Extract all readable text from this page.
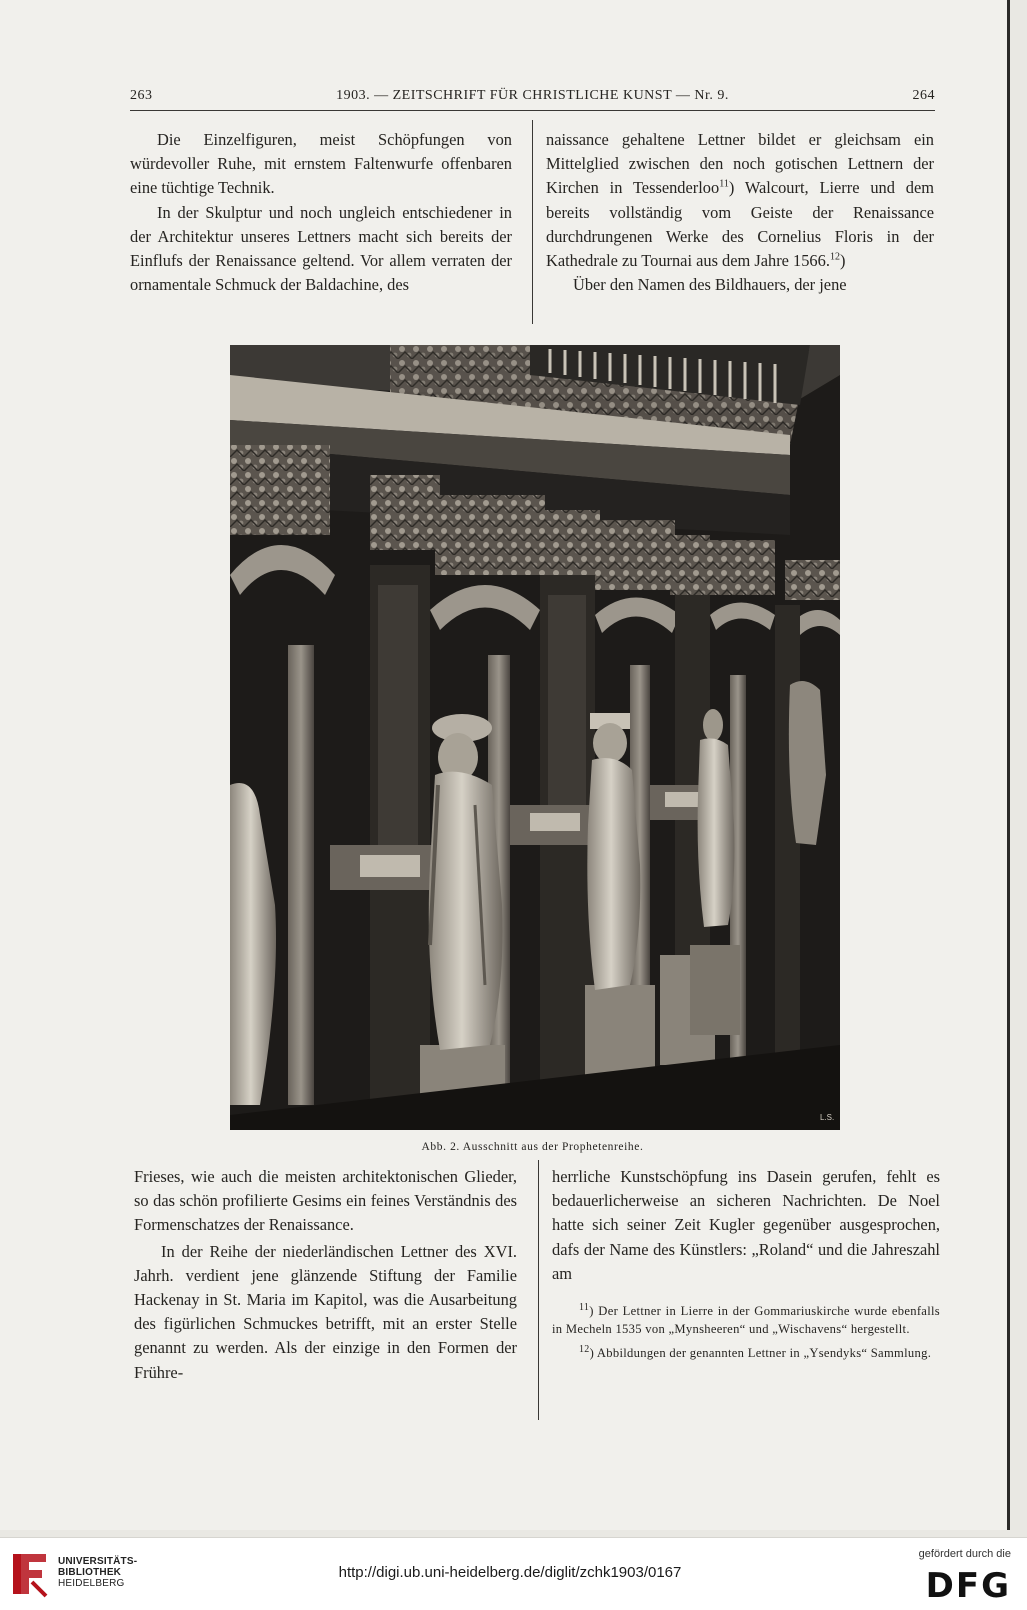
263	1903. — ZEITSCHRIFT FÜR CHRISTLICHE KUNST — Nr. 9.	264

Die Einzelfiguren, meist Schöpfungen von würdevoller Ruhe, mit ernstem Faltenwurfe offenbaren eine tüchtige Technik.

In der Skulptur und noch ungleich entschiedener in der Architektur unseres Lettners macht sich bereits der Einflufs der Renaissance geltend. Vor allem verraten der ornamentale Schmuck der Baldachine, des

naissance gehaltene Lettner bildet er gleichsam ein Mittelglied zwischen den noch gotischen Lettnern der Kirchen in Tessenderloo$^{11}$) Walcourt, Lierre und dem bereits vollständig vom Geiste der Renaissance durchdrungenen Werke des Cornelius Floris in der Kathedrale zu Tournai aus dem Jahre 1566.12)

Über den Namen des Bildhauers, der jene

L.S.
Abb. 2. Ausschnitt aus der Prophetenreihe.

Frieses, wie auch die meisten architektonischen Glieder, so das schön profilierte Gesims ein feines Verständnis des Formenschatzes der Renaissance.

In der Reihe der niederländischen Lettner des XVI. Jahrh. verdient jene glänzende Stiftung der Familie Hackenay in St. Maria im Kapitol, was die Ausarbeitung des figürlichen Schmuckes betrifft, mit an erster Stelle genannt zu werden. Als der einzige in den Formen der Frühre-

herrliche Kunstschöpfung ins Dasein gerufen, fehlt es bedauerlicherweise an sicheren Nachrichten. De Noel hatte sich seiner Zeit Kugler gegenüber ausgesprochen, dafs der Name des Künstlers: „Roland“ und die Jahreszahl am

$^{11}$) Der Lettner in Lierre in der Gommariuskirche wurde ebenfalls in Mecheln 1535 von „Mynsheeren“ und „Wischavens“ hergestellt.

$^{12}$) Abbildungen der genannten Lettner in „Ysendyks“ Sammlung.

UNIVERSITÄTS-
BIBLIOTHEK
HEIDELBERG
http://digi.ub.uni-heidelberg.de/diglit/zchk1903/0167
gefördert durch die
DFG
